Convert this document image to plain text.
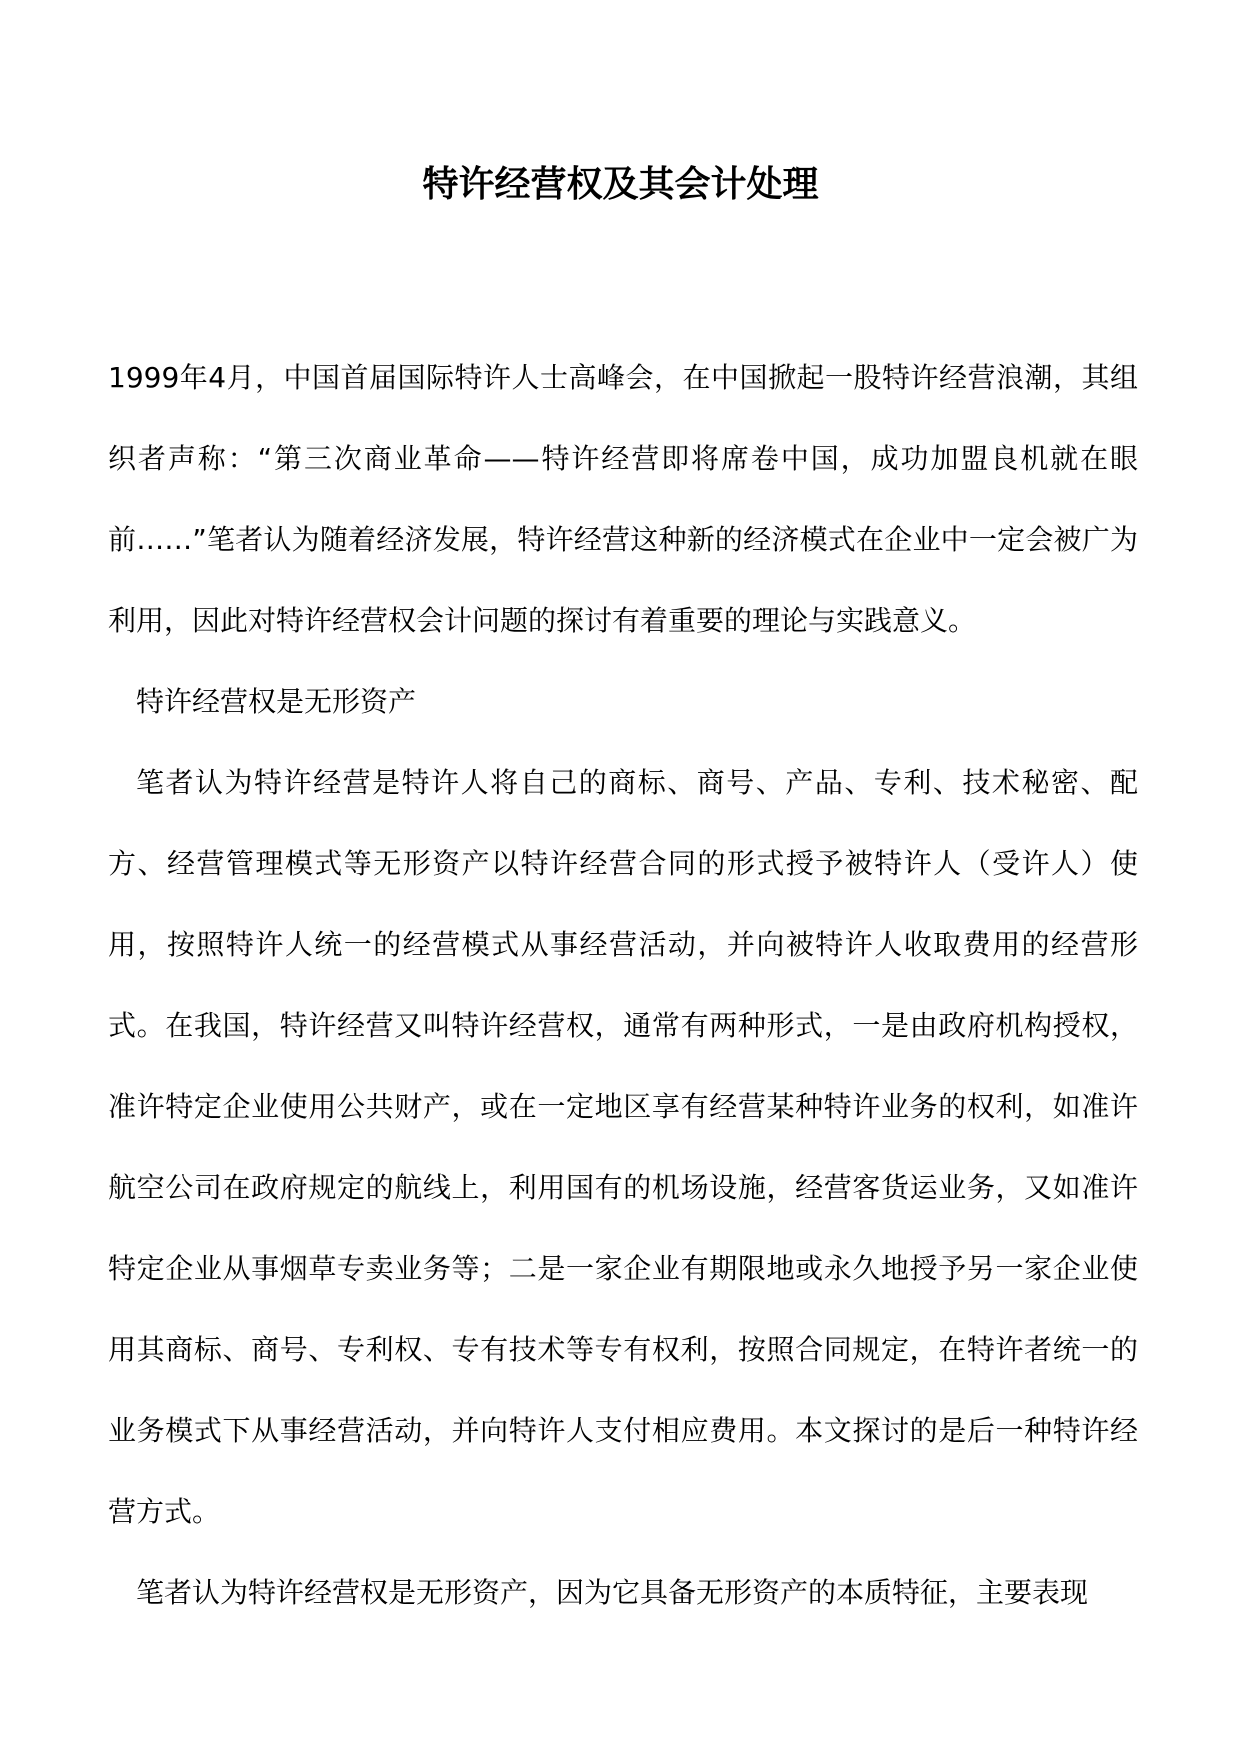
特许经营权及其会计处理

1999年4月，中国首届国际特许人士高峰会，在中国掀起一股特许经营浪潮，其组织者声称：“第三次商业革命——特许经营即将席卷中国，成功加盟良机就在眼前……”笔者认为随着经济发展，特许经营这种新的经济模式在企业中一定会被广为利用，因此对特许经营权会计问题的探讨有着重要的理论与实践意义。

特许经营权是无形资产

笔者认为特许经营是特许人将自己的商标、商号、产品、专利、技术秘密、配方、经营管理模式等无形资产以特许经营合同的形式授予被特许人（受许人）使用，按照特许人统一的经营模式从事经营活动，并向被特许人收取费用的经营形式。在我国，特许经营又叫特许经营权，通常有两种形式，一是由政府机构授权，准许特定企业使用公共财产，或在一定地区享有经营某种特许业务的权利，如准许航空公司在政府规定的航线上，利用国有的机场设施，经营客货运业务，又如准许特定企业从事烟草专卖业务等；二是一家企业有期限地或永久地授予另一家企业使用其商标、商号、专利权、专有技术等专有权利，按照合同规定，在特许者统一的业务模式下从事经营活动，并向特许人支付相应费用。本文探讨的是后一种特许经营方式。

笔者认为特许经营权是无形资产，因为它具备无形资产的本质特征，主要表现
